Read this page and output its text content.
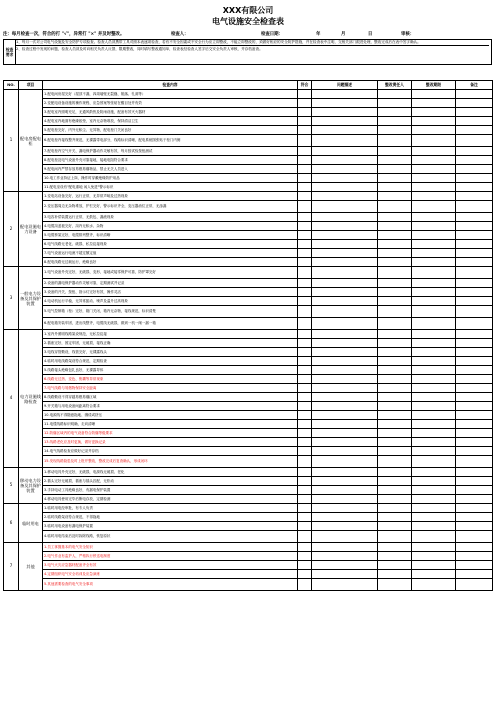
XXX有限公司
电气设施安全检查表
注：每月检查一次，符合的打 "√"，异常打 "×" 并及时整改。	检查人：	检查日期：	年	月	日	审核：
检查要求
1、每月一次对公司电气设施及安全防护专项检查。检查人员须携带工具对照本表逐项检查，若有不安全因素或不安全行为应立即整改，不能立即整改的，须做好相应的安全防护措施，并在检查表中注明，交相关部门跟进处理，整改完成后在表中签字确认。
2、检查过程中发现的问题，检查人员须及时向相关负责人反馈，限期整改，同时填写整改通知单，检查表经检查人签字后交安全负责人审核，并存档备查。
NO.	项目	检查内容	符合	问题描述	整改责任人	整改期限	备注
1	配电房配电柜	1.配电间房屋完好（屋顶不漏，四周墙壁无裂缝、脱落、孔洞等）					
		2.变配电设备设施的操作规程、应急预案等张贴在醒目处并有效					
		3.配电室内照明充足，无通风散热及防雨设施，配备有效灭火器材					
		4.配电室内地面有绝缘胶垫，室内无杂物堆放，保持清洁卫生					
		5.配电柜完好，内外无积尘、无异物，配电柜门关闭良好					
		6.配电柜内接线整齐规范，无裸露带电部分，线路标识清晰，配电系统图张贴于柜门内侧					
		7.配电柜内空气开关、漏电保护器动作灵敏有效，每月按试验按钮测试					
		8.配电柜及电气设备外壳可靠接地，接地电阻符合要求					
		9.配电间内严禁存放易燃易爆物品，禁止无关人员进入					
		10.电工作业持证上岗，操作时穿戴绝缘防护用品					
		11.配电室设有"配电重地 闲人免进"警示标识					
2	配电设施电力设备	1.变电站设备完好，运行正常，无异常声响及过热现象					
		2.变压器周边无杂物堆放，护栏完好，警示标识齐全，变压器油位正常，无渗漏					
		3.电容补偿装置运行正常，无鼓包、漏液现象					
		4.电缆沟盖板完好，沟内无积水、杂物					
		5.电缆桥架完好，电缆排列整齐，标识清晰					
		6.电气线路无老化、破损、私拉乱接现象					
		7.电气设备运行电流不超过额定值					
		8.配电线路无过载运行，绝缘良好					
3	一般电力设备及其保护装置	1.电气设备外壳完好，无破损、变形，接地或接零保护可靠，防护罩完好					
		2.设备的漏电保护器动作灵敏可靠，定期测试并记录					
		3.设备的开关、按钮、指示灯完好有效，操作灵活					
		4.电动机运行平稳，无异常振动、噪声及温升过高现象					
		5.电气控制箱（柜）完好，箱门关闭，箱内无杂物，接线规范，标识清楚					
		6.配电箱安装牢固，进出线整齐，电缆线无破损，做到一机一闸一漏一箱					
4	电力设施线路检查	1.室内外照明线路架设规范，无私拉乱接					
		2.插座完好，固定牢固，无破损，接线正确					
		3.电线穿管敷设，线管完好，无裸露线头					
		4.临时用电线路架设符合规范，定期检查					
		5.线路接头绝缘包扎良好，无裸露导体					
		6.线路无过热、变色、焦糊等异常现象					
		7.电气线路与易燃物保持安全距离					
		8.线路敷设不得穿越易燃易爆区域					
		9.开关箱与用电设备间距离符合要求					
		10.电源线不得随意拖地、缠绕或挤压					
		11.电缆线路标识明确，走向清晰					
		12.防爆区域内的电气设备符合防爆等级要求					
		13.线路老化应及时更换，做好更换记录					
		14.电气线路检查应做好记录并存档					
		15.发现线路隐患及时上报并整改，整改完成后复查确认，形成闭环					
5	移动电力设备及其保护装置	1.移动电具外壳完好，无破损，电源线无破损、老化					
		2.插头完好无破损，插座与插头匹配，无松动					
		3.手持电动工具绝缘良好，有漏电保护装置					
		4.移动电具使用完毕后断电存放，定期检测					
6	临时用电	1.临时用电经审批，有专人负责					
		2.临时线路架设符合规范，不得拖地					
		3.临时用电设备有漏电保护装置					
		4.临时用电结束后及时拆除线路，恢复原状					
7	其他	1.员工掌握基本的电气安全知识					
		2.电气作业有监护人，严格执行停送电制度					
		3.电气火灾应急器材配备齐全有效					
		4.定期组织电气安全培训及应急演练					
		5.其他需要检查的电气安全事项					
